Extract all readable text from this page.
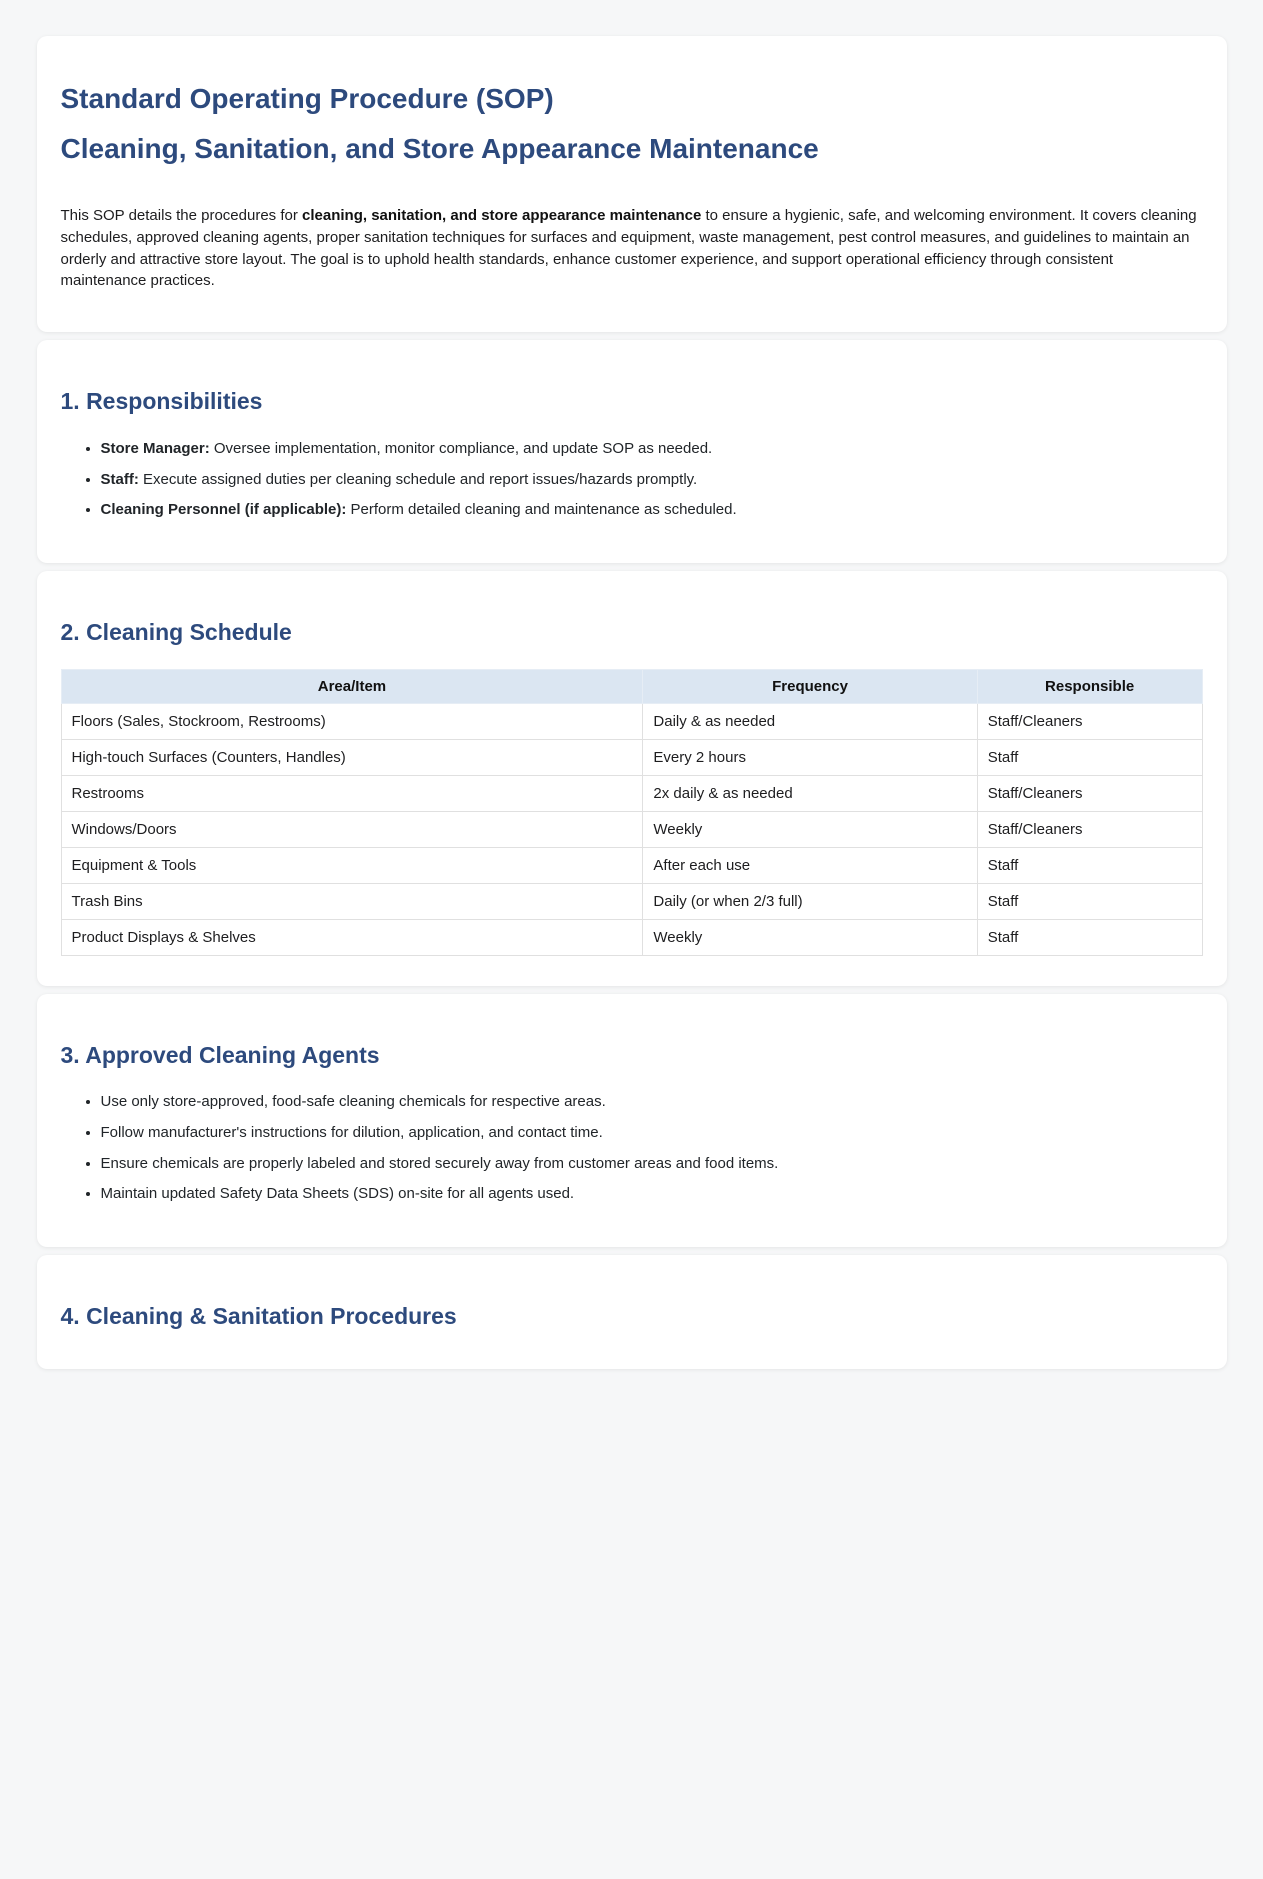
Standard Operating Procedure (SOP)
Cleaning, Sanitation, and Store Appearance Maintenance

This SOP details the procedures for cleaning, sanitation, and store appearance maintenance to ensure a hygienic, safe, and welcoming environment. It covers cleaning schedules, approved cleaning agents, proper sanitation techniques for surfaces and equipment, waste management, pest control measures, and guidelines to maintain an orderly and attractive store layout. The goal is to uphold health standards, enhance customer experience, and support operational efficiency through consistent maintenance practices.

1. Responsibilities
• Store Manager: Oversee implementation, monitor compliance, and update SOP as needed.
• Staff: Execute assigned duties per cleaning schedule and report issues/hazards promptly.
• Cleaning Personnel (if applicable): Perform detailed cleaning and maintenance as scheduled.
2. Cleaning Schedule
Area/Item	Frequency	Responsible
Floors (Sales, Stockroom, Restrooms)	Daily & as needed	Staff/Cleaners
High-touch Surfaces (Counters, Handles)	Every 2 hours	Staff
Restrooms	2x daily & as needed	Staff/Cleaners
Windows/Doors	Weekly	Staff/Cleaners
Equipment & Tools	After each use	Staff
Trash Bins	Daily (or when 2/3 full)	Staff
Product Displays & Shelves	Weekly	Staff
3. Approved Cleaning Agents
• Use only store-approved, food-safe cleaning chemicals for respective areas.
• Follow manufacturer's instructions for dilution, application, and contact time.
• Ensure chemicals are properly labeled and stored securely away from customer areas and food items.
• Maintain updated Safety Data Sheets (SDS) on-site for all agents used.
4. Cleaning & Sanitation Procedures
